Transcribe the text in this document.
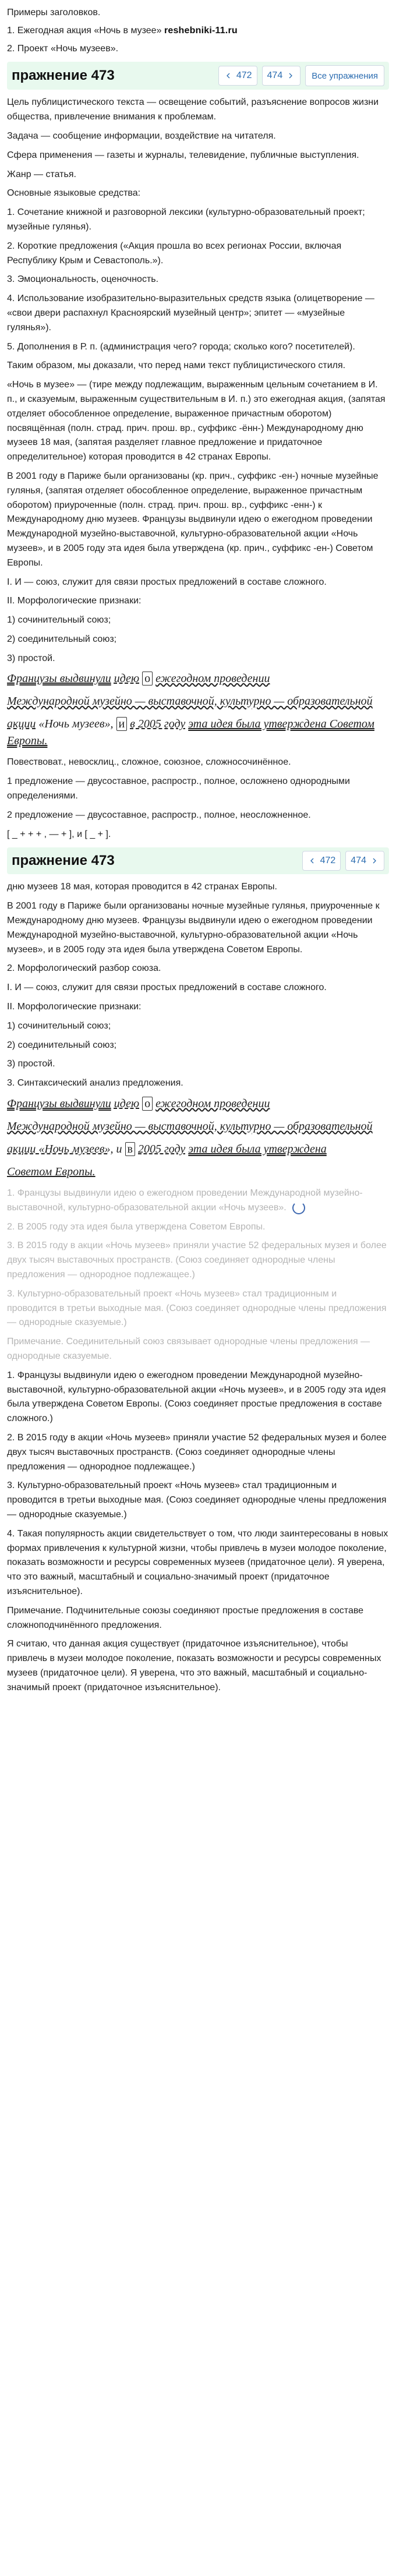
Примеры заголовков.

1. Ежегодная акция «Ночь в музее» reshebniki-11.ru

2. Проект «Ночь музеев».

пражнение 473	472 474	Все упражнения

Цель публицистического текста — освещение событий, разъяснение вопросов жизни общества, привлечение внимания к проблемам.

Задача — сообщение информации, воздействие на читателя.

Сфера применения — газеты и журналы, телевидение, публичные выступления.

Жанр — статья.

Основные языковые средства:

1. Сочетание книжной и разговорной лексики (культурно-образовательный проект; музейные гулянья).

2. Короткие предложения («Акция прошла во всех регионах России, включая Республику Крым и Севастополь.»).

3. Эмоциональность, оценочность.

4. Использование изобразительно-выразительных средств языка (олицетворение — «свои двери распахнул Красноярский музейный центр»; эпитет — «музейные гулянья»).

5. Дополнения в Р. п. (администрация чего? города; сколько кого? посетителей).

Таким образом, мы доказали, что перед нами текст публицистического стиля.

«Ночь в музее» — (тире между подлежащим, выраженным цельным сочетанием в И. п., и сказуемым, выраженным существительным в И. п.) это ежегодная акция, (запятая отделяет обособленное определение, выраженное причастным оборотом) посвящённая (полн. страд. прич. прош. вр., суффикс -ённ-) Международному дню музеев 18 мая, (запятая разделяет главное предложение и придаточное определительное) которая проводится в 42 странах Европы.

В 2001 году в Париже были организованы (кр. прич., суффикс -ен-) ночные музейные гулянья, (запятая отделяет обособленное определение, выраженное причастным оборотом) приуроченные (полн. страд. прич. прош. вр., суффикс -енн-) к Международному дню музеев. Французы выдвинули идею о ежегодном проведении Международной музейно-выставочной, культурно-образовательной акции «Ночь музеев», и в 2005 году эта идея была утверждена (кр. прич., суффикс -ен-) Советом Европы.

I. И — союз, служит для связи простых предложений в составе сложного.

II. Морфологические признаки:

1) сочинительный союз;

2) соединительный союз;

3) простой.

Французы выдвинули идею о ежегодном проведении
Международной музейно — выставочной, культурно — образовательной
акции «Ночь музеев», и в 2005 году эта идея была утверждена Советом Европы.

Повествоват., невосклиц., сложное, союзное, сложносочинённое.

1 предложение — двусоставное, распростр., полное, осложнено однородными определениями.

2 предложение — двусоставное, распростр., полное, неосложненное.

[ _ + + + , — + ], и [ _ + ].

пражнение 473	472 474

дню музеев 18 мая, которая проводится в 42 странах Европы.

В 2001 году в Париже были организованы ночные музейные гулянья, приуроченные к Международному дню музеев. Французы выдвинули идею о ежегодном проведении Международной музейно-выставочной, культурно-образовательной акции «Ночь музеев», и в 2005 году эта идея была утверждена Советом Европы.

2. Морфологический разбор союза.

I. И — союз, служит для связи простых предложений в составе сложного.

II. Морфологические признаки:

1) сочинительный союз;

2) соединительный союз;

3) простой.

3. Синтаксический анализ предложения.

Французы выдвинули идею о ежегодном проведении
Международной музейно — выставочной, культурно — образовательной
акции «Ночь музеев», и в 2005 году эта идея была утверждена
Советом Европы.

1. Французы выдвинули идею о ежегодном проведении Международной музейно-выставочной, культурно-образовательной акции «Ночь музеев».

2. В 2005 году эта идея была утверждена Советом Европы.

3. В 2015 году в акции «Ночь музеев» приняли участие 52 федеральных музея и более двух тысяч выставочных пространств. (Союз соединяет однородные члены предложения — однородное подлежащее.)

3. Культурно-образовательный проект «Ночь музеев» стал традиционным и проводится в третьи выходные мая. (Союз соединяет однородные члены предложения — однородные сказуемые.)

Примечание. Соединительный союз связывает однородные члены предложения — однородные сказуемые.

1. Французы выдвинули идею о ежегодном проведении Международной музейно-выставочной, культурно-образовательной акции «Ночь музеев», и в 2005 году эта идея была утверждена Советом Европы. (Союз соединяет простые предложения в составе сложного.)

2. В 2015 году в акции «Ночь музеев» приняли участие 52 федеральных музея и более двух тысяч выставочных пространств. (Союз соединяет однородные члены предложения — однородное подлежащее.)

3. Культурно-образовательный проект «Ночь музеев» стал традиционным и проводится в третьи выходные мая. (Союз соединяет однородные члены предложения — однородные сказуемые.)

4. Такая популярность акции свидетельствует о том, что люди заинтересованы в новых формах привлечения к культурной жизни, чтобы привлечь в музеи молодое поколение, показать возможности и ресурсы современных музеев (придаточное цели). Я уверена, что это важный, масштабный и социально-значимый проект (придаточное изъяснительное).

Примечание. Подчинительные союзы соединяют простые предложения в составе сложноподчинённого предложения.

Я считаю, что данная акция существует (придаточное изъяснительное), чтобы привлечь в музеи молодое поколение, показать возможности и ресурсы современных музеев (придаточное цели). Я уверена, что это важный, масштабный и социально-значимый проект (придаточное изъяснительное).
